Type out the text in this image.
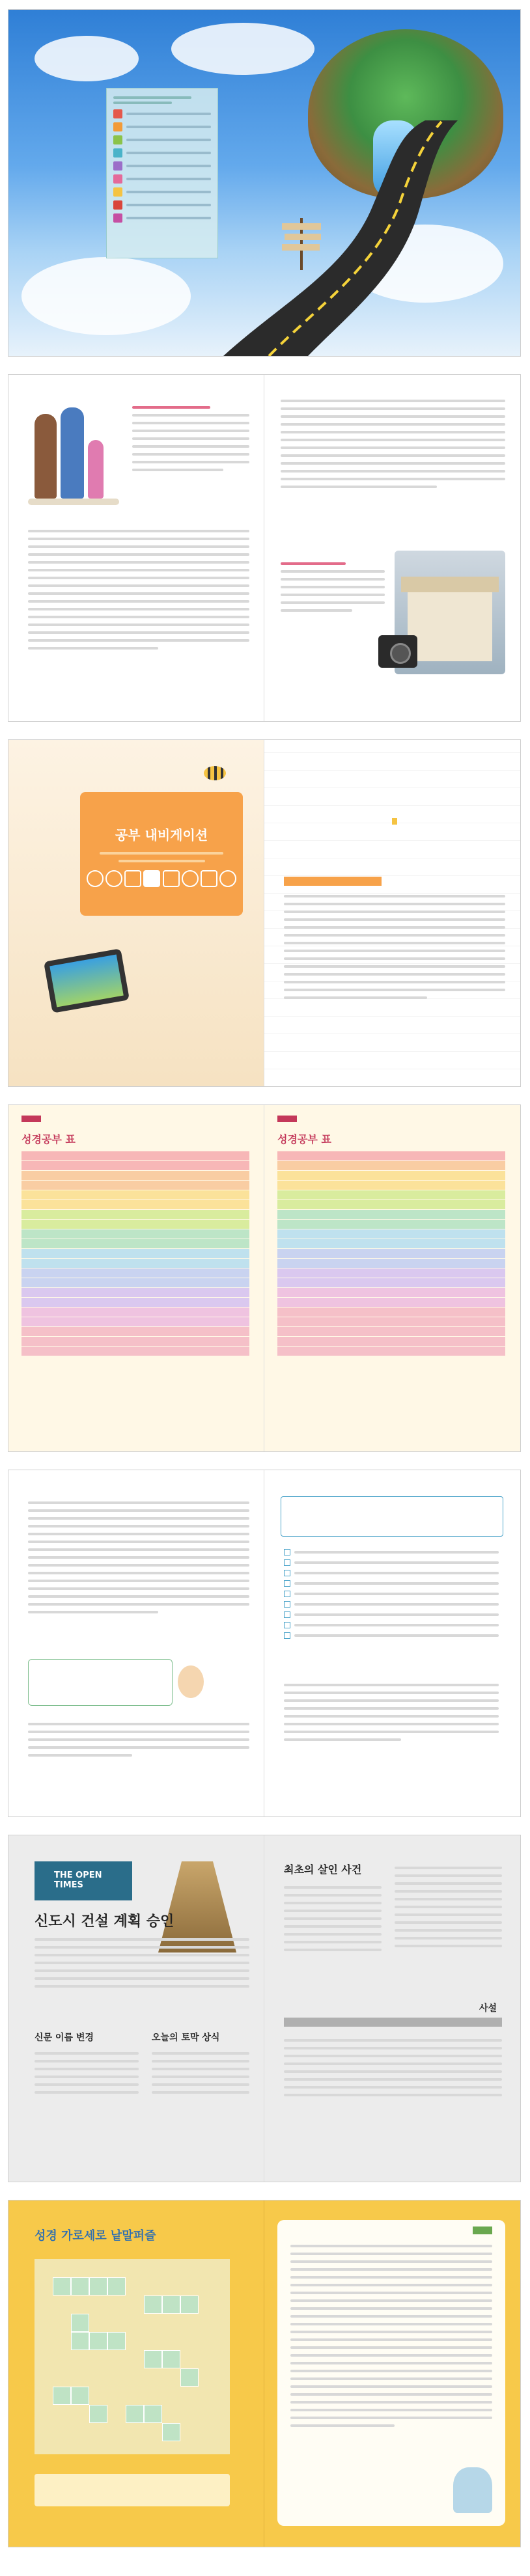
공부 내비게이션
성경공부 표	성경공부 표
THE OPEN TIMES
신도시 건설 계획 승인
신문 이름 변경	오늘의 토막 상식
최초의 살인 사건
사설
성경 가로세로 낱말퍼즐
